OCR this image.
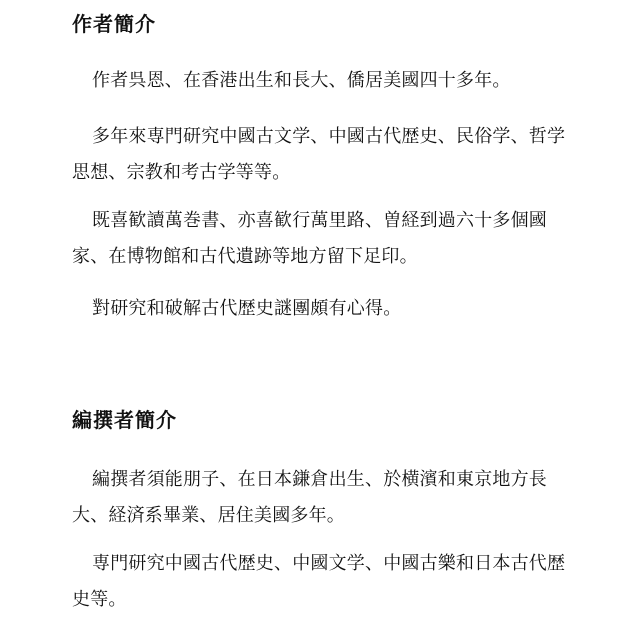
作者簡介

作者呉恩、在香港出生和長大、僑居美國四十多年。

多年來専門研究中國古文学、中國古代歴史、民俗学、哲学思想、宗教和考古学等等。

既喜歓讀萬巻書、亦喜歓行萬里路、曽経到過六十多個國家、在博物館和古代遺跡等地方留下足印。

對研究和破解古代歴史謎團頗有心得。

編撰者簡介

編撰者須能朋子、在日本鎌倉出生、於横濱和東京地方長大、経済系畢業、居住美國多年。

専門研究中國古代歴史、中國文学、中國古樂和日本古代歴史等。
